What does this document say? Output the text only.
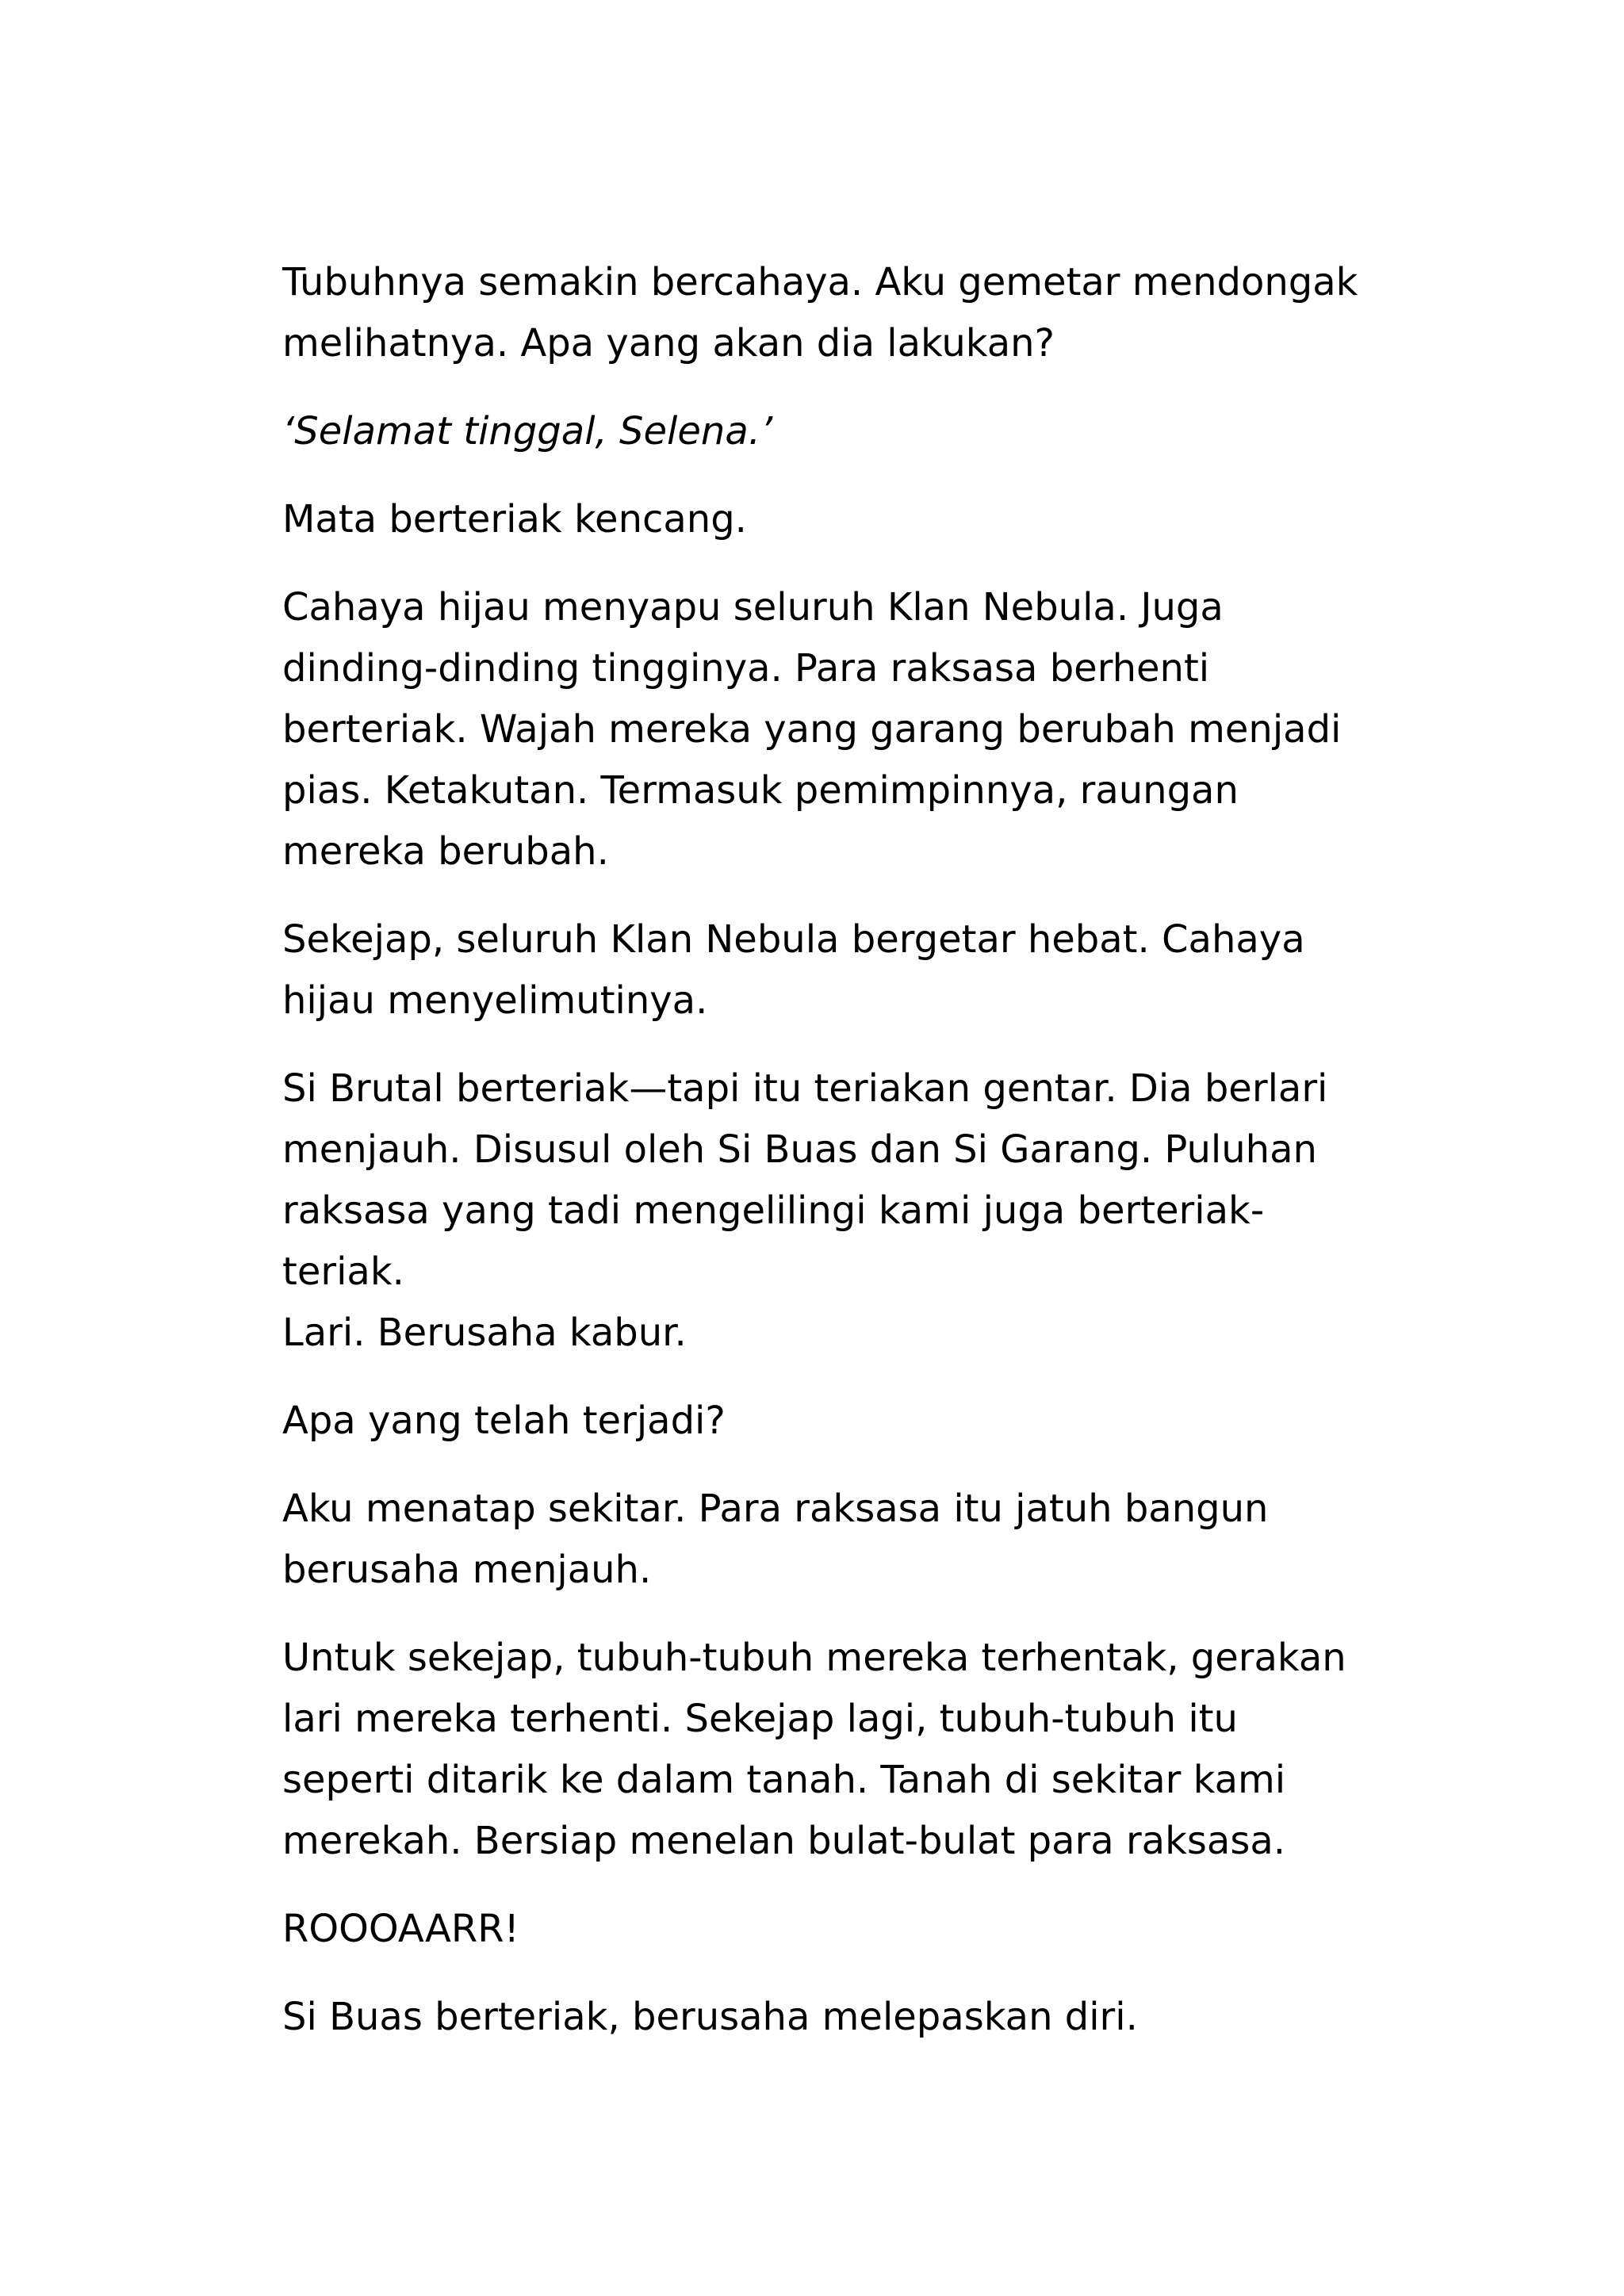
Tubuhnya semakin bercahaya. Aku gemetar mendongak
melihatnya. Apa yang akan dia lakukan?

‘Selamat tinggal, Selena.’

Mata berteriak kencang.

Cahaya hijau menyapu seluruh Klan Nebula. Juga
dinding-dinding tingginya. Para raksasa berhenti
berteriak. Wajah mereka yang garang berubah menjadi
pias. Ketakutan. Termasuk pemimpinnya, raungan
mereka berubah.

Sekejap, seluruh Klan Nebula bergetar hebat. Cahaya
hijau menyelimutinya.

Si Brutal berteriak—tapi itu teriakan gentar. Dia berlari
menjauh. Disusul oleh Si Buas dan Si Garang. Puluhan
raksasa yang tadi mengelilingi kami juga berteriak-teriak.
Lari. Berusaha kabur.

Apa yang telah terjadi?

Aku menatap sekitar. Para raksasa itu jatuh bangun
berusaha menjauh.

Untuk sekejap, tubuh-tubuh mereka terhentak, gerakan
lari mereka terhenti. Sekejap lagi, tubuh-tubuh itu
seperti ditarik ke dalam tanah. Tanah di sekitar kami
merekah. Bersiap menelan bulat-bulat para raksasa.

ROOOAARR!

Si Buas berteriak, berusaha melepaskan diri.
